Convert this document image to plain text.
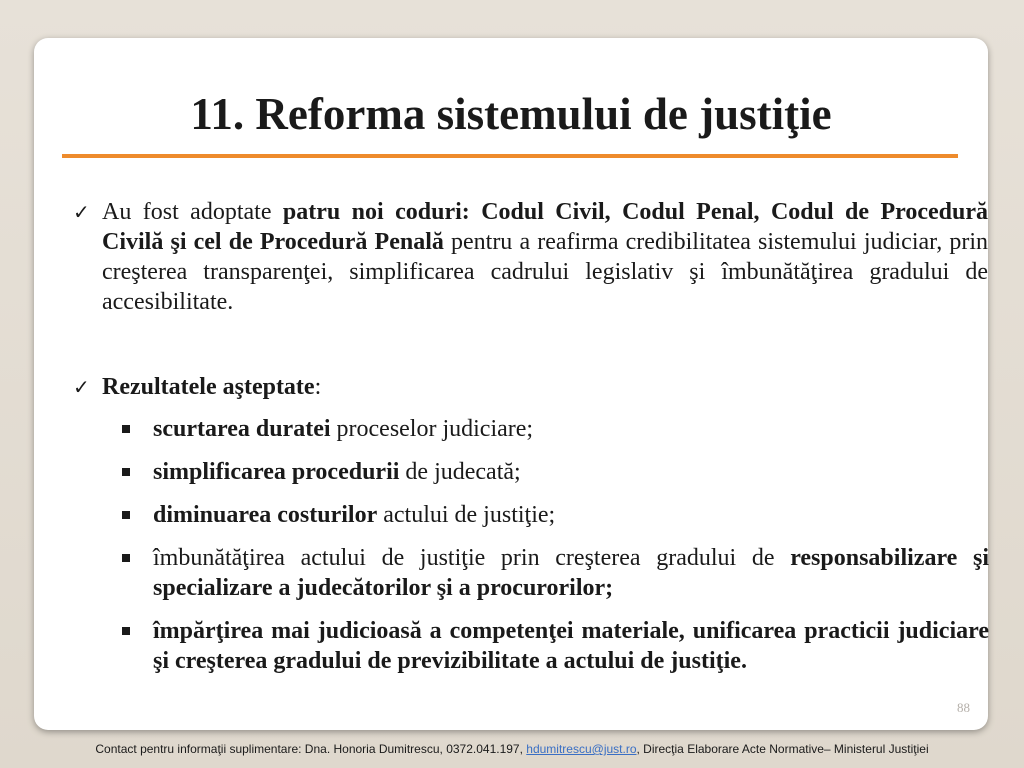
11. Reforma sistemului de justiţie
✓ Au fost adoptate patru noi coduri: Codul Civil, Codul Penal, Codul de Procedură Civilă şi cel de Procedură Penală pentru a reafirma credibilitatea sistemului judiciar, prin creşterea transparenţei, simplificarea cadrului legislativ şi îmbunătăţirea gradului de accesibilitate.
✓ Rezultatele aşteptate:
scurtarea duratei proceselor judiciare;
simplificarea procedurii de judecată;
diminuarea costurilor actului de justiţie;
îmbunătăţirea actului de justiţie prin creşterea gradului de responsabilizare şi specializare a judecătorilor şi a procurorilor;
împărţirea mai judicioasă a competenţei materiale, unificarea practicii judiciare şi creşterea gradului de previzibilitate a actului de justiţie.
88
Contact pentru informaţii suplimentare: Dna. Honoria Dumitrescu, 0372.041.197, hdumitrescu@just.ro, Direcţia Elaborare Acte Normative– Ministerul Justiţiei
